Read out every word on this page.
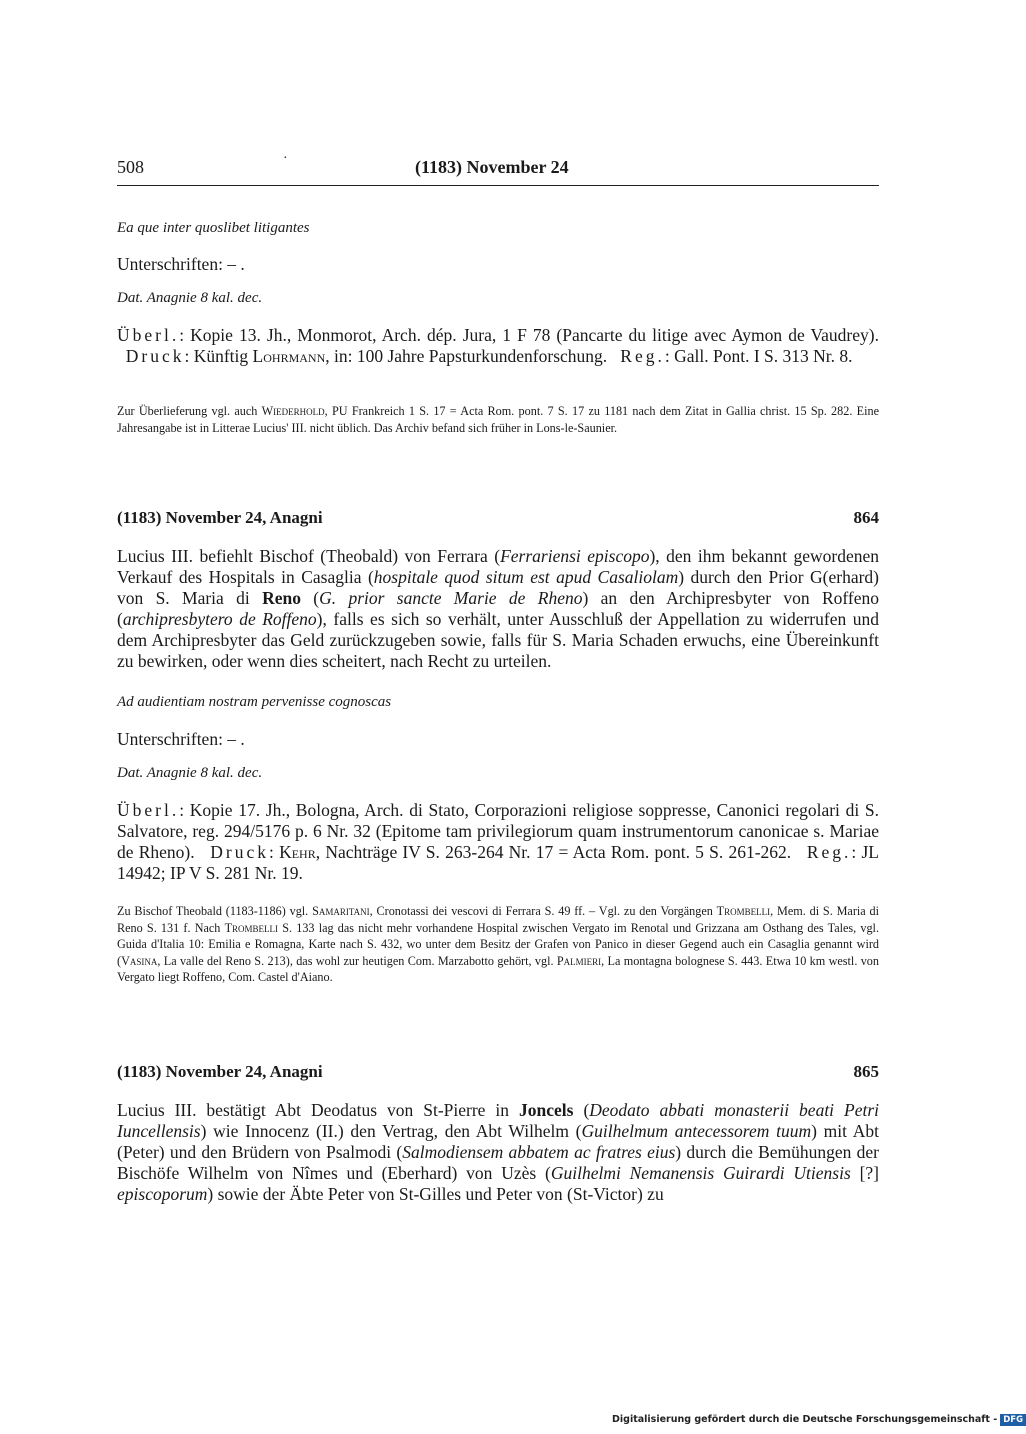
508	·	(1183) November 24

Ea que inter quoslibet litigantes

Unterschriften: – .

Dat. Anagnie 8 kal. dec.

Überl.: Kopie 13. Jh., Monmorot, Arch. dép. Jura, 1 F 78 (Pancarte du litige avec Aymon de Vaudrey).   Druck: Künftig Lohrmann, in: 100 Jahre Papsturkundenforschung. Reg.: Gall. Pont. I S. 313 Nr. 8.

Zur Überlieferung vgl. auch Wiederhold, PU Frankreich 1 S. 17 = Acta Rom. pont. 7 S. 17 zu 1181 nach dem Zitat in Gallia christ. 15 Sp. 282. Eine Jahresangabe ist in Litterae Lucius' III. nicht üblich. Das Archiv befand sich früher in Lons-le-Saunier.

(1183) November 24, Anagni	864

Lucius III. befiehlt Bischof (Theobald) von Ferrara (Ferrariensi episcopo), den ihm bekannt gewordenen Verkauf des Hospitals in Casaglia (hospitale quod situm est apud Casaliolam) durch den Prior G(erhard) von S. Maria di Reno (G. prior sancte Marie de Rheno) an den Archipresbyter von Roffeno (archipresbytero de Roffeno), falls es sich so verhält, unter Ausschluß der Appellation zu widerrufen und dem Archipresbyter das Geld zurückzugeben sowie, falls für S. Maria Schaden erwuchs, eine Übereinkunft zu bewirken, oder wenn dies scheitert, nach Recht zu urteilen.

Ad audientiam nostram pervenisse cognoscas

Unterschriften: – .

Dat. Anagnie 8 kal. dec.

Überl.: Kopie 17. Jh., Bologna, Arch. di Stato, Corporazioni religiose soppresse, Canonici regolari di S. Salvatore, reg. 294/5176 p. 6 Nr. 32 (Epitome tam privilegiorum quam instrumentorum canonicae s. Mariae de Rheno). Druck: Kehr, Nachträge IV S. 263-264 Nr. 17 = Acta Rom. pont. 5 S. 261-262. Reg.: JL 14942; IP V S. 281 Nr. 19.

Zu Bischof Theobald (1183-1186) vgl. Samaritani, Cronotassi dei vescovi di Ferrara S. 49 ff. – Vgl. zu den Vorgängen Trombelli, Mem. di S. Maria di Reno S. 131 f. Nach Trombelli S. 133 lag das nicht mehr vorhandene Hospital zwischen Vergato im Renotal und Grizzana am Osthang des Tales, vgl. Guida d'Italia 10: Emilia e Romagna, Karte nach S. 432, wo unter dem Besitz der Grafen von Panico in dieser Gegend auch ein Casaglia genannt wird (Vasina, La valle del Reno S. 213), das wohl zur heutigen Com. Marzabotto gehört, vgl. Palmieri, La montagna bolognese S. 443. Etwa 10 km westl. von Vergato liegt Roffeno, Com. Castel d'Aiano.

(1183) November 24, Anagni	865

Lucius III. bestätigt Abt Deodatus von St-Pierre in Joncels (Deodato abbati monasterii beati Petri Iuncellensis) wie Innocenz (II.) den Vertrag, den Abt Wilhelm (Guilhelmum antecessorem tuum) mit Abt (Peter) und den Brüdern von Psalmodi (Salmodiensem abbatem ac fratres eius) durch die Bemühungen der Bischöfe Wilhelm von Nîmes und (Eberhard) von Uzès (Guilhelmi Nemanensis Guirardi Utiensis [?] episcoporum) sowie der Äbte Peter von St-Gilles und Peter von (St-Victor) zu

Digitalisierung gefördert durch die Deutsche Forschungsgemeinschaft - DFG
